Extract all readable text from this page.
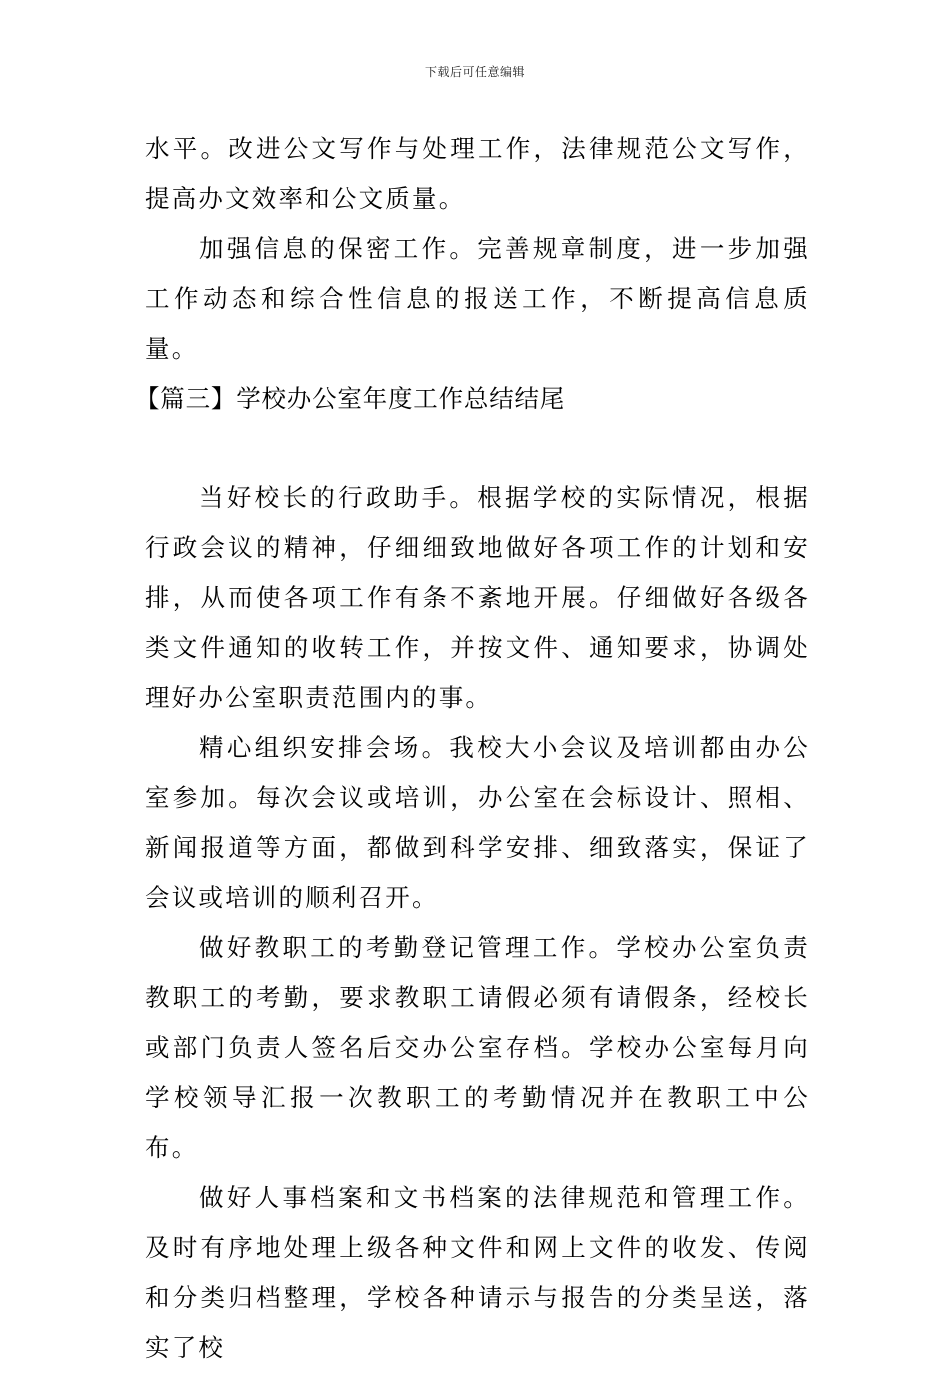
下载后可任意编辑

水平。改进公文写作与处理工作，法律规范公文写作，提高办文效率和公文质量。

加强信息的保密工作。完善规章制度，进一步加强工作动态和综合性信息的报送工作，不断提高信息质量。

【篇三】学校办公室年度工作总结结尾

当好校长的行政助手。根据学校的实际情况，根据行政会议的精神，仔细细致地做好各项工作的计划和安排，从而使各项工作有条不紊地开展。仔细做好各级各类文件通知的收转工作，并按文件、通知要求，协调处理好办公室职责范围内的事。

精心组织安排会场。我校大小会议及培训都由办公室参加。每次会议或培训，办公室在会标设计、照相、新闻报道等方面，都做到科学安排、细致落实，保证了会议或培训的顺利召开。

做好教职工的考勤登记管理工作。学校办公室负责教职工的考勤，要求教职工请假必须有请假条，经校长或部门负责人签名后交办公室存档。学校办公室每月向学校领导汇报一次教职工的考勤情况并在教职工中公布。

做好人事档案和文书档案的法律规范和管理工作。及时有序地处理上级各种文件和网上文件的收发、传阅和分类归档整理，学校各种请示与报告的分类呈送，落实了校
